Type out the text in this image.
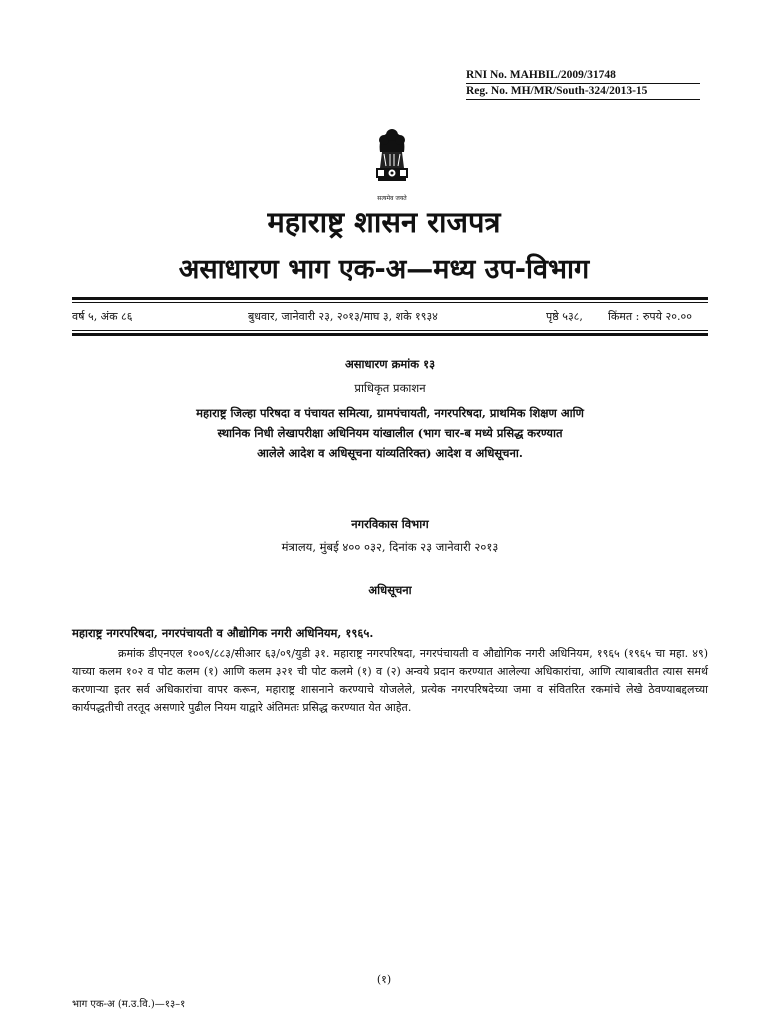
RNI No. MAHBIL/2009/31748
Reg. No. MH/MR/South-324/2013-15
सत्यमेव जयते
महाराष्ट्र शासन राजपत्र
असाधारण भाग एक-अ—मध्य उप-विभाग
वर्ष ५, अंक ८६	बुधवार, जानेवारी २३, २०१३/माघ ३, शके १९३४	पृष्ठे ५३८, किंमत : रुपये २०.००
असाधारण क्रमांक १३
प्राधिकृत प्रकाशन
महाराष्ट्र जिल्हा परिषदा व पंचायत समित्या, ग्रामपंचायती, नगरपरिषदा, प्राथमिक शिक्षण आणि
स्थानिक निधी लेखापरीक्षा अधिनियम यांखालील (भाग चार-ब मध्ये प्रसिद्ध करण्यात
आलेले आदेश व अधिसूचना यांव्यतिरिक्त) आदेश व अधिसूचना.
नगरविकास विभाग
मंत्रालय, मुंबई ४०० ०३२, दिनांक २३ जानेवारी २०१३
अधिसूचना
महाराष्ट्र नगरपरिषदा, नगरपंचायती व औद्योगिक नगरी अधिनियम, १९६५.
क्रमांक डीएनएल १००९/८८३/सीआर ६३/०९/युडी ३१. महाराष्ट्र नगरपरिषदा, नगरपंचायती व औद्योगिक नगरी अधिनियम, १९६५ (१९६५ चा महा. ४९) याच्या कलम १०२ व पोट कलम (१) आणि कलम ३२१ ची पोट कलमे (१) व (२) अन्वये प्रदान करण्यात आलेल्या अधिकारांचा, आणि त्याबाबतीत त्यास समर्थ करणाऱ्या इतर सर्व अधिकारांचा वापर करून, महाराष्ट्र शासनाने करण्याचे योजलेले, प्रत्येक नगरपरिषदेच्या जमा व संवितरित रकमांचे लेखे ठेवण्याबद्दलच्या कार्यपद्धतीची तरतूद असणारे पुढील नियम याद्वारे अंतिमतः प्रसिद्ध करण्यात येत आहेत.
(१)
भाग एक-अ (म.उ.वि.)—१३–१
